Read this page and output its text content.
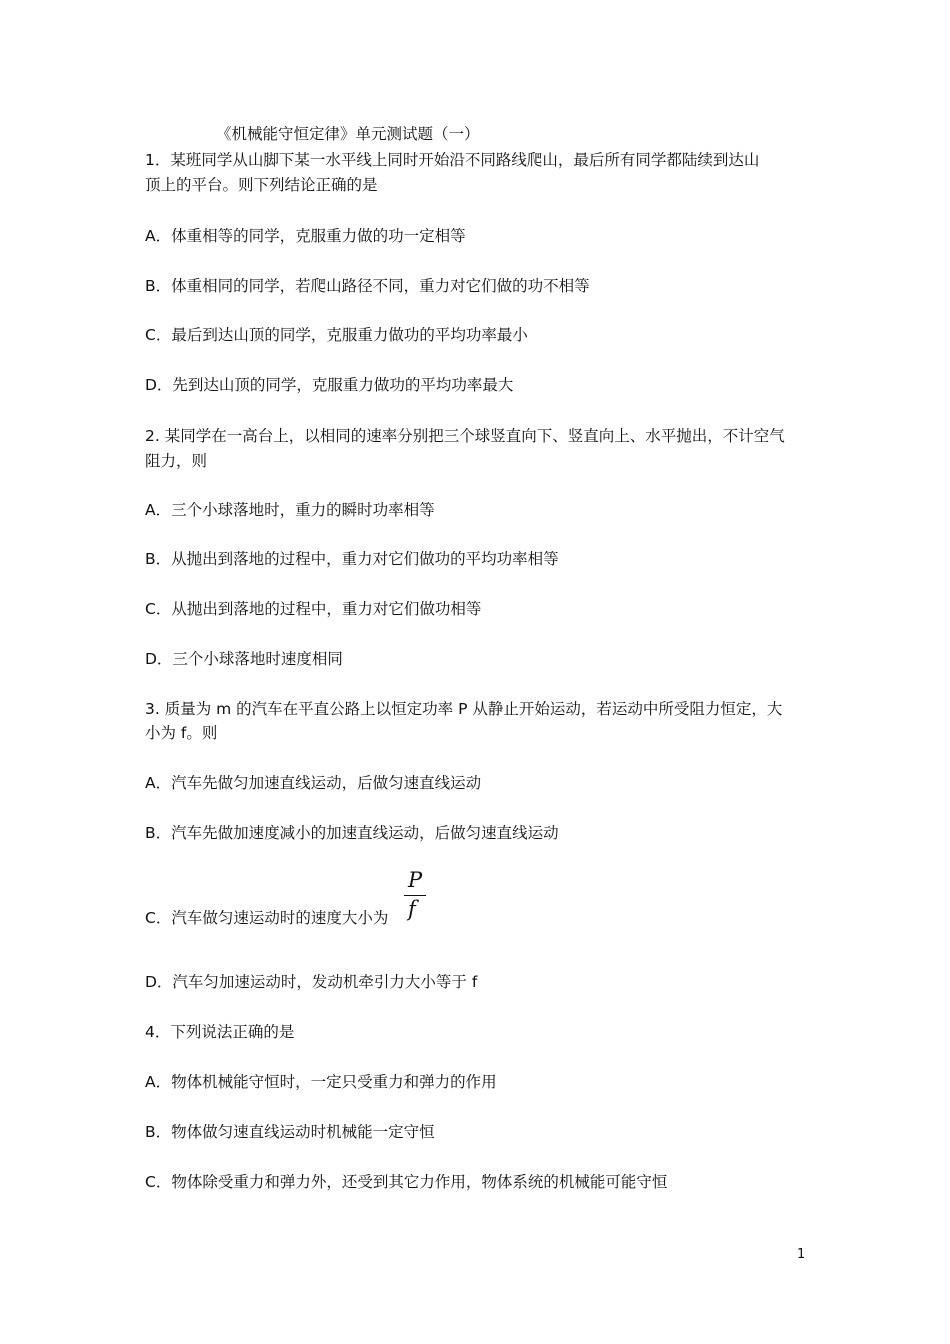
《机械能守恒定律》单元测试题（一）
1．某班同学从山脚下某一水平线上同时开始沿不同路线爬山，最后所有同学都陆续到达山
顶上的平台。则下列结论正确的是
A．体重相等的同学，克服重力做的功一定相等
B．体重相同的同学，若爬山路径不同，重力对它们做的功不相等
C．最后到达山顶的同学，克服重力做功的平均功率最小
D．先到达山顶的同学，克服重力做功的平均功率最大
2. 某同学在一高台上，以相同的速率分别把三个球竖直向下、竖直向上、水平抛出，不计空气
阻力，则
A．三个小球落地时，重力的瞬时功率相等
B．从抛出到落地的过程中，重力对它们做功的平均功率相等
C．从抛出到落地的过程中，重力对它们做功相等
D．三个小球落地时速度相同
3. 质量为 m 的汽车在平直公路上以恒定功率 P 从静止开始运动，若运动中所受阻力恒定，大
小为 f。则
A．汽车先做匀加速直线运动，后做匀速直线运动
B．汽车先做加速度减小的加速直线运动，后做匀速直线运动
C．汽车做匀速运动时的速度大小为
P
f
D．汽车匀加速运动时，发动机牵引力大小等于 f
4．下列说法正确的是
A．物体机械能守恒时，一定只受重力和弹力的作用
B．物体做匀速直线运动时机械能一定守恒
C．物体除受重力和弹力外，还受到其它力作用，物体系统的机械能可能守恒
1
